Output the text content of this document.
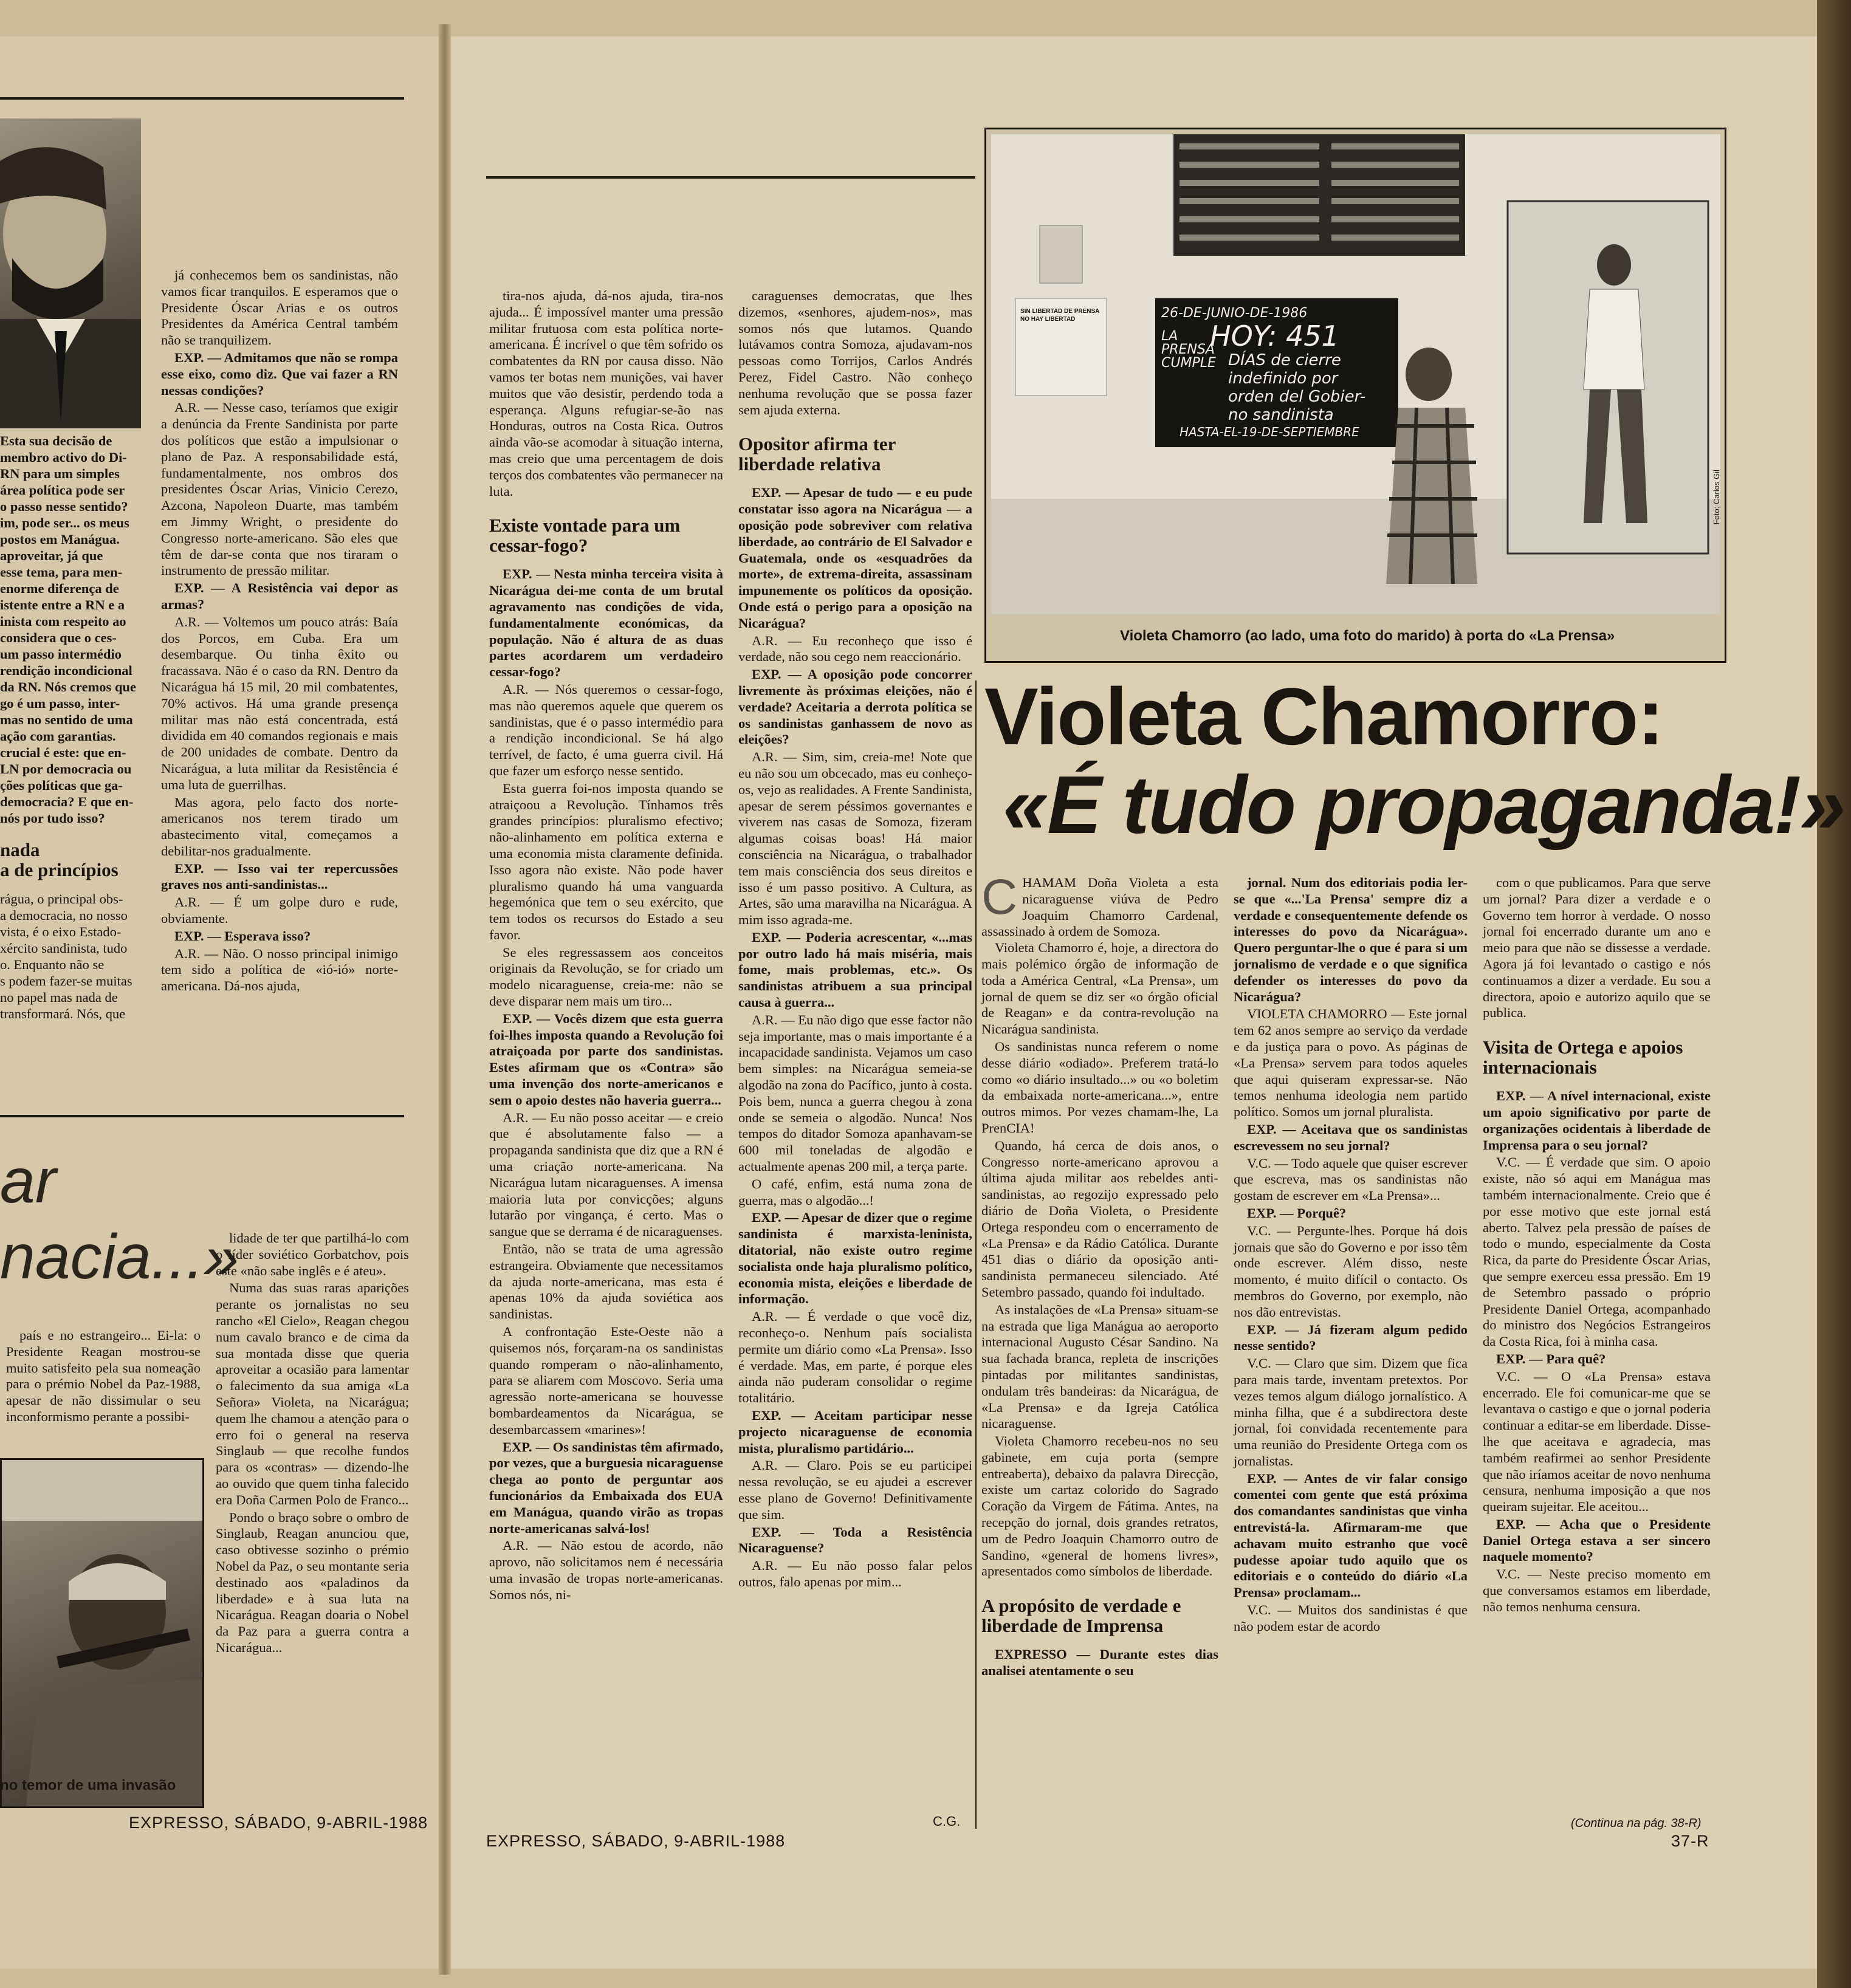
Esta sua decisão de
membro activo do Di-
RN para um simples
área política pode ser
o passo nesse sentido?
im, pode ser... os meus
postos em Manágua.
aproveitar, já que
esse tema, para men-
enorme diferença de
istente entre a RN e a
inista com respeito ao
considera que o ces-
um passo intermédio
rendição incondicional
da RN. Nós cremos que
go é um passo, inter-
mas no sentido de uma
ação com garantias.
crucial é este: que en-
LN por democracia ou
ções políticas que ga-
democracia? E que en-
nós por tudo isso?
nada
a de princípios
rágua, o principal obs-
a democracia, no nosso
vista, é o eixo Estado-
xército sandinista, tudo
o. Enquanto não se
s podem fazer-se muitas
no papel mas nada de
transformará. Nós, que

já conhecemos bem os sandinistas, não vamos ficar tranquilos. E esperamos que o Presidente Óscar Arias e os outros Presidentes da América Central também não se tranquilizem.

EXP. — Admitamos que não se rompa esse eixo, como diz. Que vai fazer a RN nessas condições?

A.R. — Nesse caso, teríamos que exigir a denúncia da Frente Sandinista por parte dos políticos que estão a impulsionar o plano de Paz. A responsabilidade está, fundamentalmente, nos ombros dos presidentes Óscar Arias, Vinicio Cerezo, Azcona, Napoleon Duarte, mas também em Jimmy Wright, o presidente do Congresso norte-americano. São eles que têm de dar-se conta que nos tiraram o instrumento de pressão militar.

EXP. — A Resistência vai depor as armas?

A.R. — Voltemos um pouco atrás: Baía dos Porcos, em Cuba. Era um desembarque. Ou tinha êxito ou fracassava. Não é o caso da RN. Dentro da Nicarágua há 15 mil, 20 mil combatentes, 70% activos. Há uma grande presença militar mas não está concentrada, está dividida em 40 comandos regionais e mais de 200 unidades de combate. Dentro da Nicarágua, a luta militar da Resistência é uma luta de guerrilhas.

Mas agora, pelo facto dos norte-americanos nos terem tirado um abastecimento vital, começamos a debilitar-nos gradualmente.

EXP. — Isso vai ter repercussões graves nos anti-sandinistas...

A.R. — É um golpe duro e rude, obviamente.

EXP. — Esperava isso?

A.R. — Não. O nosso principal inimigo tem sido a política de «ió-ió» norte-americana. Dá-nos ajuda,

ar
nacia...»

país e no estrangeiro... Ei-la: o Presidente Reagan mostrou-se muito satisfeito pela sua nomeação para o prémio Nobel da Paz-1988, apesar de não dissimular o seu inconformismo perante a possibi-

lidade de ter que partilhá-lo com o líder soviético Gorbatchov, pois este «não sabe inglês e é ateu».

Numa das suas raras aparições perante os jornalistas no seu rancho «El Cielo», Reagan chegou num cavalo branco e de cima da sua montada disse que queria aproveitar a ocasião para lamentar o falecimento da sua amiga «La Señora» Violeta, na Nicarágua; quem lhe chamou a atenção para o erro foi o general na reserva Singlaub — que recolhe fundos para os «contras» — dizendo-lhe ao ouvido que quem tinha falecido era Doña Carmen Polo de Franco...

Pondo o braço sobre o ombro de Singlaub, Reagan anunciou que, caso obtivesse sozinho o prémio Nobel da Paz, o seu montante seria destinado aos «paladinos da liberdade» e à sua luta na Nicarágua. Reagan doaria o Nobel da Paz para a guerra contra a Nicarágua...

no temor de uma invasão
EXPRESSO, SÁBADO, 9-ABRIL-1988

tira-nos ajuda, dá-nos ajuda, tira-nos ajuda... É impossível manter uma pressão militar frutuosa com esta política norte-americana. É incrível o que têm sofrido os combatentes da RN por causa disso. Não vamos ter botas nem munições, vai haver muitos que vão desistir, perdendo toda a esperança. Alguns refugiar-se-ão nas Honduras, outros na Costa Rica. Outros ainda vão-se acomodar à situação interna, mas creio que uma percentagem de dois terços dos combatentes vão permanecer na luta.

Existe vontade para um cessar-fogo?

EXP. — Nesta minha terceira visita à Nicarágua dei-me conta de um brutal agravamento nas condições de vida, fundamentalmente económicas, da população. Não é altura de as duas partes acordarem um verdadeiro cessar-fogo?

A.R. — Nós queremos o cessar-fogo, mas não queremos aquele que querem os sandinistas, que é o passo intermédio para a rendição incondicional. Se há algo terrível, de facto, é uma guerra civil. Há que fazer um esforço nesse sentido.

Esta guerra foi-nos imposta quando se atraiçoou a Revolução. Tínhamos três grandes princípios: pluralismo efectivo; não-alinhamento em política externa e uma economia mista claramente definida. Isso agora não existe. Não pode haver pluralismo quando há uma vanguarda hegemónica que tem o seu exército, que tem todos os recursos do Estado a seu favor.

Se eles regressassem aos conceitos originais da Revolução, se for criado um modelo nicaraguense, creia-me: não se deve disparar nem mais um tiro...

EXP. — Vocês dizem que esta guerra foi-lhes imposta quando a Revolução foi atraiçoada por parte dos sandinistas. Estes afirmam que os «Contra» são uma invenção dos norte-americanos e sem o apoio destes não haveria guerra...

A.R. — Eu não posso aceitar — e creio que é absolutamente falso — a propaganda sandinista que diz que a RN é uma criação norte-americana. Na Nicarágua lutam nicaraguenses. A imensa maioria luta por convicções; alguns lutarão por vingança, é certo. Mas o sangue que se derrama é de nicaraguenses.

Então, não se trata de uma agressão estrangeira. Obviamente que necessitamos da ajuda norte-americana, mas esta é apenas 10% da ajuda soviética aos sandinistas.

A confrontação Este-Oeste não a quisemos nós, forçaram-na os sandinistas quando romperam o não-alinhamento, para se aliarem com Moscovo. Seria uma agressão norte-americana se houvesse bombardeamentos da Nicarágua, se desembarcassem «marines»!

EXP. — Os sandinistas têm afirmado, por vezes, que a burguesia nicaraguense chega ao ponto de perguntar aos funcionários da Embaixada dos EUA em Manágua, quando virão as tropas norte-americanas salvá-los!

A.R. — Não estou de acordo, não aprovo, não solicitamos nem é necessária uma invasão de tropas norte-americanas. Somos nós, ni-

caraguenses democratas, que lhes dizemos, «senhores, ajudem-nos», mas somos nós que lutamos. Quando lutávamos contra Somoza, ajudavam-nos pessoas como Torrijos, Carlos Andrés Perez, Fidel Castro. Não conheço nenhuma revolução que se possa fazer sem ajuda externa.

Opositor afirma ter liberdade relativa

EXP. — Apesar de tudo — e eu pude constatar isso agora na Nicarágua — a oposição pode sobreviver com relativa liberdade, ao contrário de El Salvador e Guatemala, onde os «esquadrões da morte», de extrema-direita, assassinam impunemente os políticos da oposição. Onde está o perigo para a oposição na Nicarágua?

A.R. — Eu reconheço que isso é verdade, não sou cego nem reaccionário.

EXP. — A oposição pode concorrer livremente às próximas eleições, não é verdade? Aceitaria a derrota política se os sandinistas ganhassem de novo as eleições?

A.R. — Sim, sim, creia-me! Note que eu não sou um obcecado, mas eu conheço-os, vejo as realidades. A Frente Sandinista, apesar de serem péssimos governantes e viverem nas casas de Somoza, fizeram algumas coisas boas! Há maior consciência na Nicarágua, o trabalhador tem mais consciência dos seus direitos e isso é um passo positivo. A Cultura, as Artes, são uma maravilha na Nicarágua. A mim isso agrada-me.

EXP. — Poderia acrescentar, «...mas por outro lado há mais miséria, mais fome, mais problemas, etc.». Os sandinistas atribuem a sua principal causa à guerra...

A.R. — Eu não digo que esse factor não seja importante, mas o mais importante é a incapacidade sandinista. Vejamos um caso bem simples: na Nicarágua semeia-se algodão na zona do Pacífico, junto à costa. Pois bem, nunca a guerra chegou à zona onde se semeia o algodão. Nunca! Nos tempos do ditador Somoza apanhavam-se 600 mil toneladas de algodão e actualmente apenas 200 mil, a terça parte.

O café, enfim, está numa zona de guerra, mas o algodão...!

EXP. — Apesar de dizer que o regime sandinista é marxista-leninista, ditatorial, não existe outro regime socialista onde haja pluralismo político, economia mista, eleições e liberdade de informação.

A.R. — É verdade o que você diz, reconheço-o. Nenhum país socialista permite um diário como «La Prensa». Isso é verdade. Mas, em parte, é porque eles ainda não puderam consolidar o regime totalitário.

EXP. — Aceitam participar nesse projecto nicaraguense de economia mista, pluralismo partidário...

A.R. — Claro. Pois se eu participei nessa revolução, se eu ajudei a escrever esse plano de Governo! Definitivamente que sim.

EXP. — Toda a Resistência Nicaraguense?

A.R. — Eu não posso falar pelos outros, falo apenas por mim...

C.G.
EXPRESSO, SÁBADO, 9-ABRIL-1988
26-DE-JUNIO-DE-1986
LA PRENSA CUMPLE
HOY: 451
DÍAS de cierre
indefinido por
orden del Gobier-
no sandinista
HASTA-EL-19-DE-SEPTIEMBRE
SIN LIBERTAD DE PRENSA NO HAY LIBERTAD
Foto: Carlos Gil
Violeta Chamorro (ao lado, uma foto do marido) à porta do «La Prensa»
Violeta Chamorro:
«É tudo propaganda!»
C HAMAM Doña Violeta a esta nicaraguense viúva de Pedro Joaquim Chamorro Cardenal, assassinado à ordem de Somoza.

Violeta Chamorro é, hoje, a directora do mais polémico órgão de informação de toda a América Central, «La Prensa», um jornal de quem se diz ser «o órgão oficial de Reagan» e da contra-revolução na Nicarágua sandinista.

Os sandinistas nunca referem o nome desse diário «odiado». Preferem tratá-lo como «o diário insultado...» ou «o boletim da embaixada norte-americana...», entre outros mimos. Por vezes chamam-lhe, La PrenCIA!

Quando, há cerca de dois anos, o Congresso norte-americano aprovou a última ajuda militar aos rebeldes anti-sandinistas, ao regozijo expressado pelo diário de Doña Violeta, o Presidente Ortega respondeu com o encerramento de «La Prensa» e da Rádio Católica. Durante 451 dias o diário da oposição anti-sandinista permaneceu silenciado. Até Setembro passado, quando foi indultado.

As instalações de «La Prensa» situam-se na estrada que liga Manágua ao aeroporto internacional Augusto César Sandino. Na sua fachada branca, repleta de inscrições pintadas por militantes sandinistas, ondulam três bandeiras: da Nicarágua, de «La Prensa» e da Igreja Católica nicaraguense.

Violeta Chamorro recebeu-nos no seu gabinete, em cuja porta (sempre entreaberta), debaixo da palavra Direcção, existe um cartaz colorido do Sagrado Coração da Virgem de Fátima. Antes, na recepção do jornal, dois grandes retratos, um de Pedro Joaquin Chamorro outro de Sandino, «general de homens livres», apresentados como símbolos de liberdade.

A propósito de verdade e liberdade de Imprensa

EXPRESSO — Durante estes dias analisei atentamente o seu

jornal. Num dos editoriais podia ler-se que «...'La Prensa' sempre diz a verdade e consequentemente defende os interesses do povo da Nicarágua». Quero perguntar-lhe o que é para si um jornalismo de verdade e o que significa defender os interesses do povo da Nicarágua?

VIOLETA CHAMORRO — Este jornal tem 62 anos sempre ao serviço da verdade e da justiça para o povo. As páginas de «La Prensa» servem para todos aqueles que aqui quiseram expressar-se. Não temos nenhuma ideologia nem partido político. Somos um jornal pluralista.

EXP. — Aceitava que os sandinistas escrevessem no seu jornal?

V.C. — Todo aquele que quiser escrever que escreva, mas os sandinistas não gostam de escrever em «La Prensa»...

EXP. — Porquê?

V.C. — Pergunte-lhes. Porque há dois jornais que são do Governo e por isso têm onde escrever. Além disso, neste momento, é muito difícil o contacto. Os membros do Governo, por exemplo, não nos dão entrevistas.

EXP. — Já fizeram algum pedido nesse sentido?

V.C. — Claro que sim. Dizem que fica para mais tarde, inventam pretextos. Por vezes temos algum diálogo jornalístico. A minha filha, que é a subdirectora deste jornal, foi convidada recentemente para uma reunião do Presidente Ortega com os jornalistas.

EXP. — Antes de vir falar consigo comentei com gente que está próxima dos comandantes sandinistas que vinha entrevistá-la. Afirmaram-me que achavam muito estranho que você pudesse apoiar tudo aquilo que os editoriais e o conteúdo do diário «La Prensa» proclamam...

V.C. — Muitos dos sandinistas é que não podem estar de acordo

com o que publicamos. Para que serve um jornal? Para dizer a verdade e o Governo tem horror à verdade. O nosso jornal foi encerrado durante um ano e meio para que não se dissesse a verdade. Agora já foi levantado o castigo e nós continuamos a dizer a verdade. Eu sou a directora, apoio e autorizo aquilo que se publica.

Visita de Ortega e apoios internacionais

EXP. — A nível internacional, existe um apoio significativo por parte de organizações ocidentais à liberdade de Imprensa para o seu jornal?

V.C. — É verdade que sim. O apoio existe, não só aqui em Manágua mas também internacionalmente. Creio que é por esse motivo que este jornal está aberto. Talvez pela pressão de países de todo o mundo, especialmente da Costa Rica, da parte do Presidente Óscar Arias, que sempre exerceu essa pressão. Em 19 de Setembro passado o próprio Presidente Daniel Ortega, acompanhado do ministro dos Negócios Estrangeiros da Costa Rica, foi à minha casa.

EXP. — Para quê?

V.C. — O «La Prensa» estava encerrado. Ele foi comunicar-me que se levantava o castigo e que o jornal poderia continuar a editar-se em liberdade. Disse-lhe que aceitava e agradecia, mas também reafirmei ao senhor Presidente que não iríamos aceitar de novo nenhuma censura, nenhuma imposição a que nos queiram sujeitar. Ele aceitou...

EXP. — Acha que o Presidente Daniel Ortega estava a ser sincero naquele momento?

V.C. — Neste preciso momento em que conversamos estamos em liberdade, não temos nenhuma censura.

(Continua na pág. 38-R)
37-R
